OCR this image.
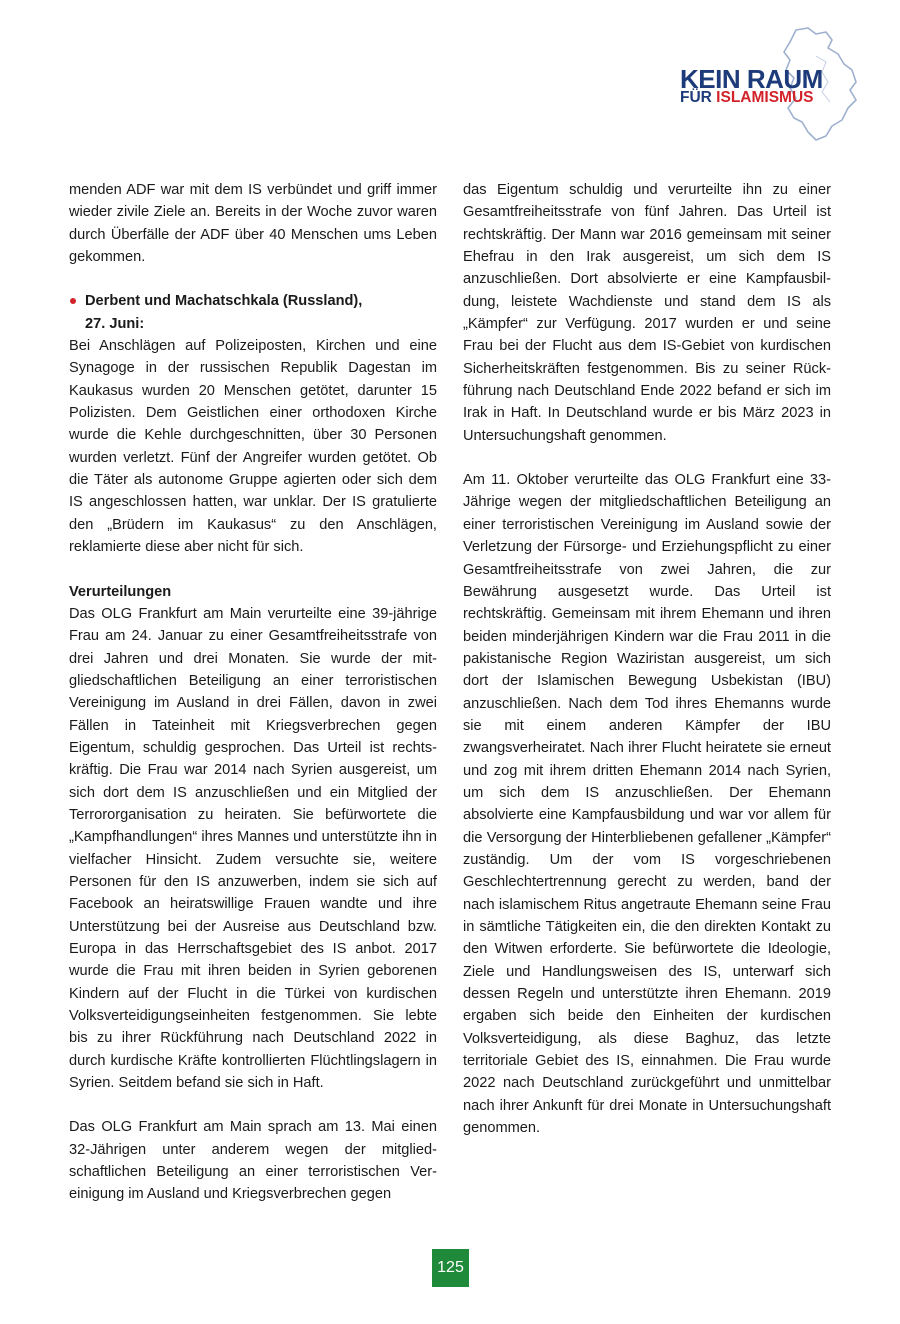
KEIN RAUM
FÜR ISLAMISMUS

menden ADF war mit dem IS verbündet und griff immer wieder zivile Ziele an. Bereits in der Woche zuvor waren durch Überfälle der ADF über 40 Menschen ums Leben gekommen.

Derbent und Machatschkala (Russland),
27. Juni:

Bei Anschlägen auf Polizeiposten, Kirchen und eine Synagoge in der russischen Republik Dagestan im Kaukasus wurden 20 Menschen getötet, darunter 15 Polizisten. Dem Geistlichen einer orthodoxen Kirche wurde die Kehle durchgeschnitten, über 30 Personen wurden verletzt. Fünf der Angreifer wurden getötet. Ob die Täter als autonome Gruppe agierten oder sich dem IS angeschlossen hatten, war unklar. Der IS gratulierte den „Brüdern im Kaukasus“ zu den Anschlägen, reklamierte diese aber nicht für sich.

Verurteilungen

Das OLG Frankfurt am Main verurteilte eine 39-jährige Frau am 24. Januar zu einer Gesamtfreiheitsstrafe von drei Jahren und drei Monaten. Sie wurde der mitgliedschaftlichen Beteiligung an einer terroristischen Vereinigung im Ausland in drei Fällen, davon in zwei Fällen in Tateinheit mit Kriegsverbrechen gegen Eigentum, schuldig gesprochen. Das Urteil ist rechtskräftig. Die Frau war 2014 nach Syrien ausgereist, um sich dort dem IS anzuschließen und ein Mitglied der Terrororganisation zu heiraten. Sie befürwortete die „Kampfhandlungen“ ihres Mannes und unterstützte ihn in vielfacher Hinsicht. Zudem versuchte sie, weitere Personen für den IS anzuwerben, indem sie sich auf Facebook an heiratswillige Frauen wandte und ihre Unterstützung bei der Ausreise aus Deutschland bzw. Europa in das Herrschaftsgebiet des IS anbot. 2017 wurde die Frau mit ihren beiden in Syrien geborenen Kindern auf der Flucht in die Türkei von kurdischen Volksverteidigungseinheiten festgenommen. Sie lebte bis zu ihrer Rückführung nach Deutschland 2022 in durch kurdische Kräfte kontrollierten Flüchtlingslagern in Syrien. Seitdem befand sie sich in Haft.

Das OLG Frankfurt am Main sprach am 13. Mai einen 32-Jährigen unter anderem wegen der mitgliedschaftlichen Beteiligung an einer terroristischen Vereinigung im Ausland und Kriegsverbrechen gegen

das Eigentum schuldig und verurteilte ihn zu einer Gesamtfreiheitsstrafe von fünf Jahren. Das Urteil ist rechtskräftig. Der Mann war 2016 gemeinsam mit seiner Ehefrau in den Irak ausgereist, um sich dem IS anzuschließen. Dort absolvierte er eine Kampfausbildung, leistete Wachdienste und stand dem IS als „Kämpfer“ zur Verfügung. 2017 wurden er und seine Frau bei der Flucht aus dem IS-Gebiet von kurdischen Sicherheitskräften festgenommen. Bis zu seiner Rückführung nach Deutschland Ende 2022 befand er sich im Irak in Haft. In Deutschland wurde er bis März 2023 in Untersuchungshaft genommen.

Am 11. Oktober verurteilte das OLG Frankfurt eine 33-Jährige wegen der mitgliedschaftlichen Beteiligung an einer terroristischen Vereinigung im Ausland sowie der Verletzung der Fürsorge- und Erziehungspflicht zu einer Gesamtfreiheitsstrafe von zwei Jahren, die zur Bewährung ausgesetzt wurde. Das Urteil ist rechtskräftig. Gemeinsam mit ihrem Ehemann und ihren beiden minderjährigen Kindern war die Frau 2011 in die pakistanische Region Waziristan ausgereist, um sich dort der Islamischen Bewegung Usbekistan (IBU) anzuschließen. Nach dem Tod ihres Ehemanns wurde sie mit einem anderen Kämpfer der IBU zwangsverheiratet. Nach ihrer Flucht heiratete sie erneut und zog mit ihrem dritten Ehemann 2014 nach Syrien, um sich dem IS anzuschließen. Der Ehemann absolvierte eine Kampfausbildung und war vor allem für die Versorgung der Hinterbliebenen gefallener „Kämpfer“ zuständig. Um der vom IS vorgeschriebenen Geschlechtertrennung gerecht zu werden, band der nach islamischem Ritus angetraute Ehemann seine Frau in sämtliche Tätigkeiten ein, die den direkten Kontakt zu den Witwen erforderte. Sie befürwortete die Ideologie, Ziele und Handlungsweisen des IS, unterwarf sich dessen Regeln und unterstützte ihren Ehemann. 2019 ergaben sich beide den Einheiten der kurdischen Volksverteidigung, als diese Baghuz, das letzte territoriale Gebiet des IS, einnahmen. Die Frau wurde 2022 nach Deutschland zurückgeführt und unmittelbar nach ihrer Ankunft für drei Monate in Untersuchungshaft genommen.

125
